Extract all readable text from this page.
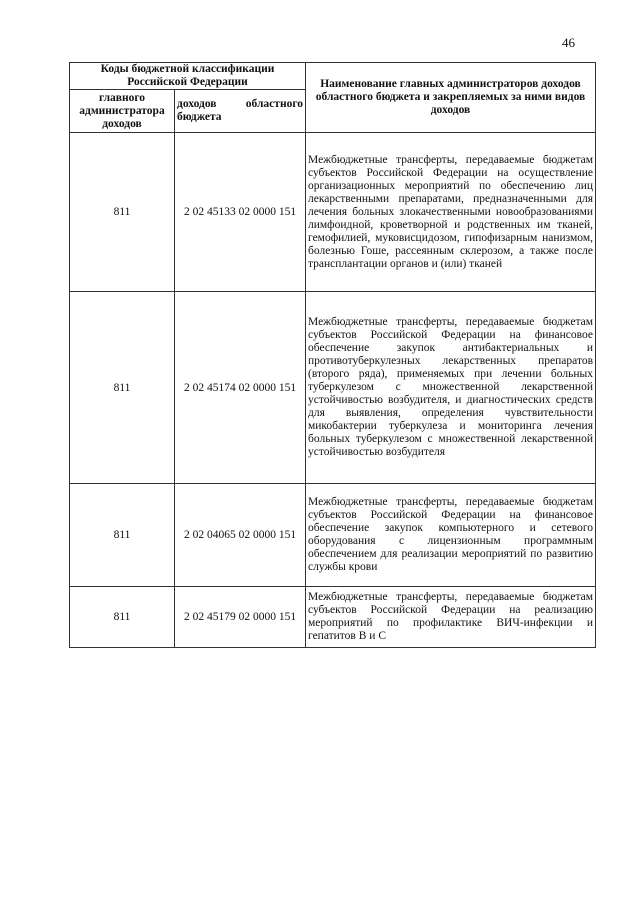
46
Коды бюджетной классификации Российской Федерации		Наименование главных администраторов доходов областного бюджета и закрепляемых за ними видов доходов
главного администратора доходов	доходов областного бюджета	

811	2 02 45133 02 0000 151	Межбюджетные трансферты, передаваемые бюджетам субъектов Российской Федерации на осуществление организационных мероприятий по обеспечению лиц лекарственными препаратами, предназначенными для лечения больных злокачественными новообразованиями лимфоидной, кроветворной и родственных им тканей, гемофилией, муковисцидозом, гипофизарным нанизмом, болезнью Гоше, рассеянным склерозом, а также после трансплантации органов и (или) тканей
811	2 02 45174 02 0000 151	Межбюджетные трансферты, передаваемые бюджетам субъектов Российской Федерации на финансовое обеспечение закупок антибактериальных и противотуберкулезных лекарственных препаратов (второго ряда), применяемых при лечении больных туберкулезом с множественной лекарственной устойчивостью возбудителя, и диагностических средств для выявления, определения чувствительности микобактерии туберкулеза и мониторинга лечения больных туберкулезом с множественной лекарственной устойчивостью возбудителя
811	2 02 04065 02 0000 151	Межбюджетные трансферты, передаваемые бюджетам субъектов Российской Федерации на финансовое обеспечение закупок компьютерного и сетевого оборудования с лицензионным программным обеспечением для реализации мероприятий по развитию службы крови
811	2 02 45179 02 0000 151	Межбюджетные трансферты, передаваемые бюджетам субъектов Российской Федерации на реализацию мероприятий по профилактике ВИЧ-инфекции и гепатитов B и C
